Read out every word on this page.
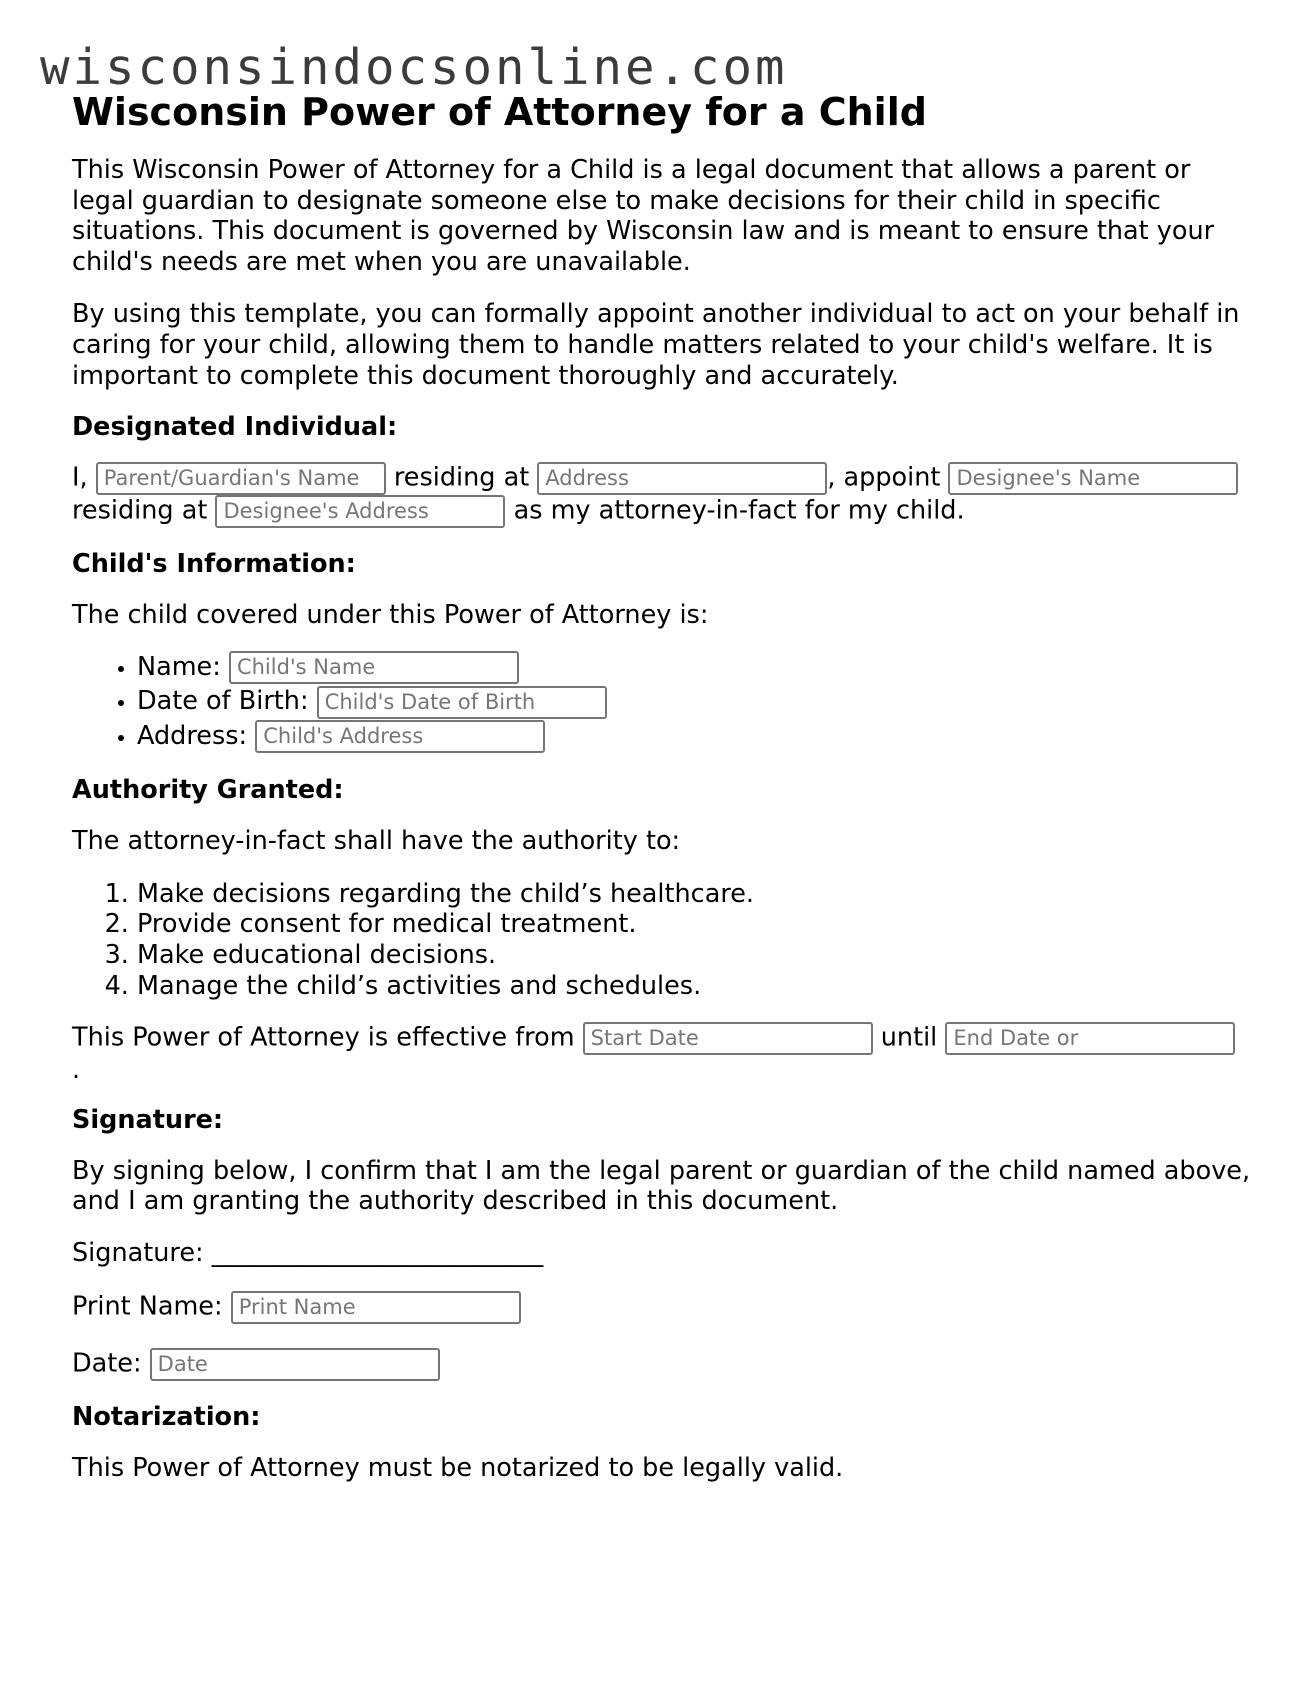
wisconsindocsonline.com
Wisconsin Power of Attorney for a Child

This Wisconsin Power of Attorney for a Child is a legal document that allows a parent or legal guardian to designate someone else to make decisions for their child in specific situations. This document is governed by Wisconsin law and is meant to ensure that your child's needs are met when you are unavailable.

By using this template, you can formally appoint another individual to act on your behalf in caring for your child, allowing them to handle matters related to your child's welfare. It is important to complete this document thoroughly and accurately.

Designated Individual:

I, Parent/Guardian's Name residing at Address	, appoint Designee's Name
residing at Designee's Address	as my attorney-in-fact for my child.

Child's Information:

The child covered under this Power of Attorney is:

• Name: Child's Name
• Date of Birth: Child's Date of Birth
• Address: Child's Address
Authority Granted:

The attorney-in-fact shall have the authority to:

1. Make decisions regarding the child’s healthcare.
2. Provide consent for medical treatment.
3. Make educational decisions.
4. Manage the child’s activities and schedules.

This Power of Attorney is effective from Start Date	until End Date or
.

Signature:

By signing below, I confirm that I am the legal parent or guardian of the child named above, and I am granting the authority described in this document.

Signature: __________________________

Print Name: Print Name

Date: Date

Notarization:

This Power of Attorney must be notarized to be legally valid.
